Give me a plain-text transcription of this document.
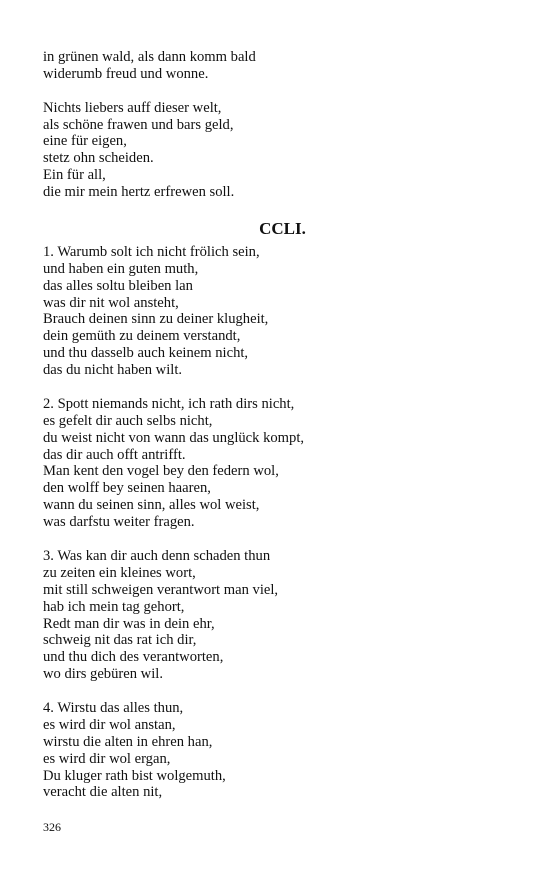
in grünen wald, als dann komm bald
widerumb freud und wonne.
Nichts liebers auff dieser welt,
als schöne frawen und bars geld,
eine für eigen,
stetz ohn scheiden.
Ein für all,
die mir mein hertz erfrewen soll.
CCLI.
1. Warumb solt ich nicht frölich sein,
und haben ein guten muth,
das alles soltu bleiben lan
was dir nit wol ansteht,
Brauch deinen sinn zu deiner klugheit,
dein gemüth zu deinem verstandt,
und thu dasselb auch keinem nicht,
das du nicht haben wilt.
2. Spott niemands nicht, ich rath dirs nicht,
es gefelt dir auch selbs nicht,
du weist nicht von wann das unglück kompt,
das dir auch offt antrifft.
Man kent den vogel bey den federn wol,
den wolff bey seinen haaren,
wann du seinen sinn, alles wol weist,
was darfstu weiter fragen.
3. Was kan dir auch denn schaden thun
zu zeiten ein kleines wort,
mit still schweigen verantwort man viel,
hab ich mein tag gehort,
Redt man dir was in dein ehr,
schweig nit das rat ich dir,
und thu dich des verantworten,
wo dirs gebüren wil.
4. Wirstu das alles thun,
es wird dir wol anstan,
wirstu die alten in ehren han,
es wird dir wol ergan,
Du kluger rath bist wolgemuth,
veracht die alten nit,
326
